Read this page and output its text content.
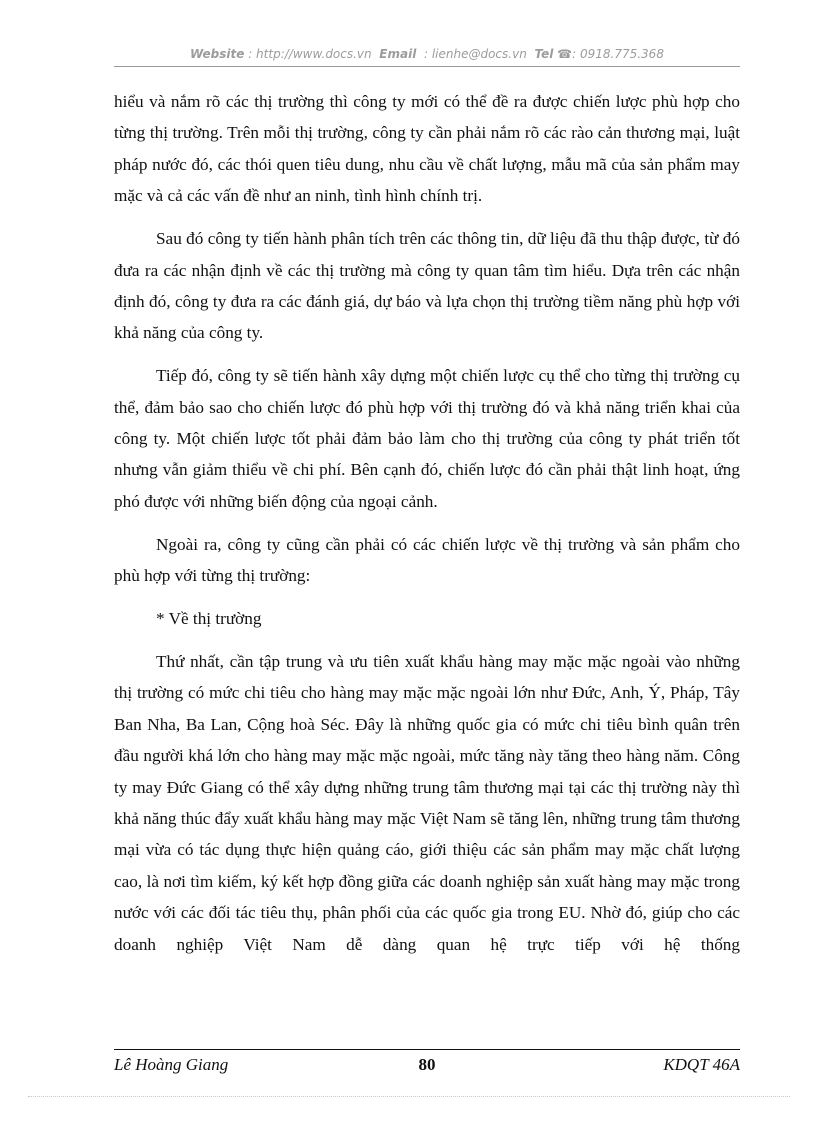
Website : http://www.docs.vn Email : lienhe@docs.vn Tel ☎: 0918.775.368

hiểu và nắm rõ các thị trường thì công ty mới có thể đề ra được chiến lược phù hợp cho từng thị trường. Trên mỗi thị trường, công ty cần phải nắm rõ các rào cản thương mại, luật pháp nước đó, các thói quen tiêu dung, nhu cầu về chất lượng, mẫu mã của sản phẩm may mặc và cả các vấn đề như an ninh, tình hình chính trị.

Sau đó công ty tiến hành phân tích trên các thông tin, dữ liệu đã thu thập được, từ đó đưa ra các nhận định về các thị trường mà công ty quan tâm tìm hiểu. Dựa trên các nhận định đó, công ty đưa ra các đánh giá, dự báo và lựa chọn thị trường tiềm năng phù hợp với khả năng của công ty.

Tiếp đó, công ty sẽ tiến hành xây dựng một chiến lược cụ thể cho từng thị trường cụ thể, đảm bảo sao cho chiến lược đó phù hợp với thị trường đó và khả năng triển khai của công ty. Một chiến lược tốt phải đảm bảo làm cho thị trường của công ty phát triển tốt nhưng vẫn giảm thiểu về chi phí. Bên cạnh đó, chiến lược đó cần phải thật linh hoạt, ứng phó được với những biến động của ngoại cảnh.

Ngoài ra, công ty cũng cần phải có các chiến lược về thị trường và sản phẩm cho phù hợp với từng thị trường:

* Về thị trường

Thứ nhất, cần tập trung và ưu tiên xuất khẩu hàng may mặc mặc ngoài vào những thị trường có mức chi tiêu cho hàng may mặc mặc ngoài lớn như Đức, Anh, Ý, Pháp, Tây Ban Nha, Ba Lan, Cộng hoà Séc. Đây là những quốc gia có mức chi tiêu bình quân trên đầu người khá lớn cho hàng may mặc mặc ngoài, mức tăng này tăng theo hàng năm. Công ty may Đức Giang có thể xây dựng những trung tâm thương mại tại các thị trường này thì khả năng thúc đẩy xuất khẩu hàng may mặc Việt Nam sẽ tăng lên, những trung tâm thương mại vừa có tác dụng thực hiện quảng cáo, giới thiệu các sản phẩm may mặc chất lượng cao, là nơi tìm kiếm, ký kết hợp đồng giữa các doanh nghiệp sản xuất hàng may mặc trong nước với các đối tác tiêu thụ, phân phối của các quốc gia trong EU. Nhờ đó, giúp cho các doanh nghiệp Việt Nam dễ dàng quan hệ trực tiếp với hệ thống

Lê Hoàng Giang	80	KDQT 46A
